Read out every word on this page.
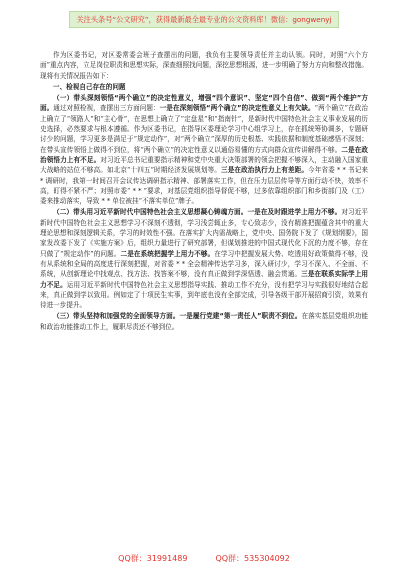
关注头条号“公文研究”，获得最新最全最专业的公文资料库！微信：gongwenyj

作为区委书记，对区委常委会班子查摆出的问题，我负有主要领导责任并主动认领。同时，对照“六个方面”重点内容，立足岗位职责和思想实际，深查细照找问题，深挖思想根源，进一步明确了努力方向和整改措施。现将有关情况报告如下：

一、检视自己存在的问题

（一）带头深刻领悟“两个确立”的决定性意义，增强“四个意识”、坚定“四个自信”、做到“两个维护”方面。通过对照检视，查摆出三方面问题：一是在深刻领悟“两个确立”的决定性意义上有欠缺。“两个确立”在政治上确立了“领路人”和“主心骨”，在思想上确立了“定盘星”和“指南针”，是新时代中国特色社会主义事业发展的历史选择，必然要求与根本遵循。作为区委书记，在指导区委理论学习中心组学习上，存在抓统筹协调多，专题研讨少的问题，学习更多是满足于“规定动作”，对“两个确立”深厚的历史根基、实践依据和制度基础感悟不深刻；在带头宣传领悟上做得不到位，将“两个确立”的决定性意义以通俗易懂的方式向群众宣传讲解得不够。二是在政治领悟力上有不足。对习近平总书记重要指示精神和党中央重大决策部署的领会把握不够深入，主动融入国家重大战略的站位不够高。如北京“十四五”时期经济发展规划等。三是在政治执行力上有差距。今年省委 * * 书记来 * 调研时，我第一时间召开会议传达调研指示精神、部署落实工作，但在压力层层传导等方面行动不快，效率不高，盯得不紧不严；对照市委“ * * ”要求，对基层党组织指导督促不够，过多依靠组织部门和乡街部门及（工）委来推动落实，导致 * * 单位被挂“不落实单位”牌子。

（二）带头用习近平新时代中国特色社会主义思想凝心铸魂方面。一是在及时跟进学上用力不够。对习近平新时代中国特色社会主义思想学习不深刻不透彻，学习浅尝辄止多，专心致志少，没有精准把握蕴含其中的重大理论思想和深刻逻辑关系，学习的时效性不强。在落实扩大内需战略上，党中央、国务院下发了《规划纲要》，国家发改委下发了《实施方案》后，组织力量进行了研究部署，但谋划推进的中国式现代化下沉的力度不够，存在只做了“规定动作”的问题。二是在系统把握学上用力不够。在学习中把握发展大势、吃透用好政策做得不够，没有从系统和全局的高度进行深刻把握，对省委 * * 全会精神传达学习多，深入研讨少，学习不深入、不全面、不系统，从创新理论中找观点、找方法、找答案不够，没有真正做到学深悟透、融会贯通。三是在联系实际学上用力不足。运用习近平新时代中国特色社会主义思想指导实践、推动工作不充分，没有把学习与实践很好地结合起来，真正做到学以致用。例如定了十项民生实事，到年底也没有全部完成，引导各级干部开展招商引资，效果有待进一步提升。

（三）带头坚持和加强党的全面领导方面。一是履行党建“第一责任人”职责不到位。在落实基层党组织功能和政治功能推动工作上，履职尽责还不够到位。

QQ群：31991489	QQ群：535304092
